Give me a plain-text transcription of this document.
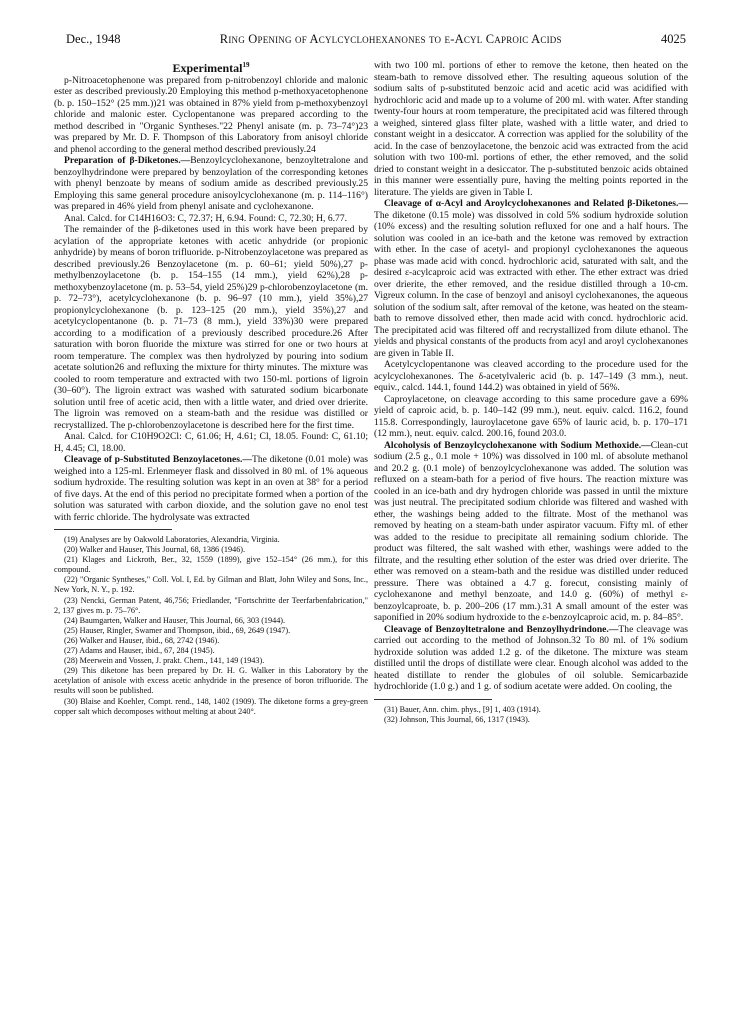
Dec., 1948	Ring Opening of Acylcyclohexanones to ε-Acyl Caproic Acids	4025

Experimental$^{19}$

p-Nitroacetophenone was prepared from p-nitrobenzoyl chloride and malonic ester as described previously.20 Employing this method p-methoxyacetophenone (b. p. 150–152° (25 mm.))21 was obtained in 87% yield from p-methoxybenzoyl chloride and malonic ester. Cyclopentanone was prepared according to the method described in "Organic Syntheses."22 Phenyl anisate (m. p. 73–74°)23 was prepared by Mr. D. F. Thompson of this Laboratory from anisoyl chloride and phenol according to the general method described previously.24

Preparation of β-Diketones.—Benzoylcyclohexanone, benzoyltetralone and benzoylhydrindone were prepared by benzoylation of the corresponding ketones with phenyl benzoate by means of sodium amide as described previously.25 Employing this same general procedure anisoylcyclohexanone (m. p. 114–116°) was prepared in 46% yield from phenyl anisate and cyclohexanone.

Anal. Calcd. for C14H16O3: C, 72.37; H, 6.94. Found: C, 72.30; H, 6.77.

The remainder of the β-diketones used in this work have been prepared by acylation of the appropriate ketones with acetic anhydride (or propionic anhydride) by means of boron trifluoride. p-Nitrobenzoylacetone was prepared as described previously.26 Benzoylacetone (m. p. 60–61; yield 50%),27 p-methylbenzoylacetone (b. p. 154–155 (14 mm.), yield 62%),28 p-methoxybenzoylacetone (m. p. 53–54, yield 25%)29 p-chlorobenzoylacetone (m. p. 72–73°), acetylcyclohexanone (b. p. 96–97 (10 mm.), yield 35%),27 propionylcyclohexanone (b. p. 123–125 (20 mm.), yield 35%),27 and acetylcyclopentanone (b. p. 71–73 (8 mm.), yield 33%)30 were prepared according to a modification of a previously described procedure.26 After saturation with boron fluoride the mixture was stirred for one or two hours at room temperature. The complex was then hydrolyzed by pouring into sodium acetate solution26 and refluxing the mixture for thirty minutes. The mixture was cooled to room temperature and extracted with two 150-ml. portions of ligroin (30–60°). The ligroin extract was washed with saturated sodium bicarbonate solution until free of acetic acid, then with a little water, and dried over drierite. The ligroin was removed on a steam-bath and the residue was distilled or recrystallized. The p-chlorobenzoylacetone is described here for the first time.

Anal. Calcd. for C10H9O2Cl: C, 61.06; H, 4.61; Cl, 18.05. Found: C, 61.10; H, 4.45; Cl, 18.00.

Cleavage of p-Substituted Benzoylacetones.—The diketone (0.01 mole) was weighed into a 125-ml. Erlenmeyer flask and dissolved in 80 ml. of 1% aqueous sodium hydroxide. The resulting solution was kept in an oven at 38° for a period of five days. At the end of this period no precipitate formed when a portion of the solution was saturated with carbon dioxide, and the solution gave no enol test with ferric chloride. The hydrolysate was extracted

(19) Analyses are by Oakwold Laboratories, Alexandria, Virginia.

(20) Walker and Hauser, This Journal, 68, 1386 (1946).

(21) Klages and Lickroth, Ber., 32, 1559 (1899), give 152–154° (26 mm.), for this compound.

(22) "Organic Syntheses," Coll. Vol. I, Ed. by Gilman and Blatt, John Wiley and Sons, Inc., New York, N. Y., p. 192.

(23) Nencki, German Patent, 46,756; Friedlander, "Fortschritte der Teerfarbenfabrication," 2, 137 gives m. p. 75–76°.

(24) Baumgarten, Walker and Hauser, This Journal, 66, 303 (1944).

(25) Hauser, Ringler, Swamer and Thompson, ibid., 69, 2649 (1947).

(26) Walker and Hauser, ibid., 68, 2742 (1946).

(27) Adams and Hauser, ibid., 67, 284 (1945).

(28) Meerwein and Vossen, J. prakt. Chem., 141, 149 (1943).

(29) This diketone has been prepared by Dr. H. G. Walker in this Laboratory by the acetylation of anisole with excess acetic anhydride in the presence of boron trifluoride. The results will soon be published.

(30) Blaise and Koehler, Compt. rend., 148, 1402 (1909). The diketone forms a grey-green copper salt which decomposes without melting at about 240°.

with two 100 ml. portions of ether to remove the ketone, then heated on the steam-bath to remove dissolved ether. The resulting aqueous solution of the sodium salts of p-substituted benzoic acid and acetic acid was acidified with hydrochloric acid and made up to a volume of 200 ml. with water. After standing twenty-four hours at room temperature, the precipitated acid was filtered through a weighed, sintered glass filter plate, washed with a little water, and dried to constant weight in a desiccator. A correction was applied for the solubility of the acid. In the case of benzoylacetone, the benzoic acid was extracted from the acid solution with two 100-ml. portions of ether, the ether removed, and the solid dried to constant weight in a desiccator. The p-substituted benzoic acids obtained in this manner were essentially pure, having the melting points reported in the literature. The yields are given in Table I.

Cleavage of α-Acyl and Aroylcyclohexanones and Related β-Diketones.—The diketone (0.15 mole) was dissolved in cold 5% sodium hydroxide solution (10% excess) and the resulting solution refluxed for one and a half hours. The solution was cooled in an ice-bath and the ketone was removed by extraction with ether. In the case of acetyl- and propionyl cyclohexanones the aqueous phase was made acid with concd. hydrochloric acid, saturated with salt, and the desired ε-acylcaproic acid was extracted with ether. The ether extract was dried over drierite, the ether removed, and the residue distilled through a 10-cm. Vigreux column. In the case of benzoyl and anisoyl cyclohexanones, the aqueous solution of the sodium salt, after removal of the ketone, was heated on the steam-bath to remove dissolved ether, then made acid with concd. hydrochloric acid. The precipitated acid was filtered off and recrystallized from dilute ethanol. The yields and physical constants of the products from acyl and aroyl cyclohexanones are given in Table II.

Acetylcyclopentanone was cleaved according to the procedure used for the acylcyclohexanones. The δ-acetylvaleric acid (b. p. 147–149 (3 mm.), neut. equiv., calcd. 144.1, found 144.2) was obtained in yield of 56%.

Caproylacetone, on cleavage according to this same procedure gave a 69% yield of caproic acid, b. p. 140–142 (99 mm.), neut. equiv. calcd. 116.2, found 115.8. Correspondingly, lauroylacetone gave 65% of lauric acid, b. p. 170–171 (12 mm.), neut. equiv. calcd. 200.16, found 203.0.

Alcoholysis of Benzoylcyclohexanone with Sodium Methoxide.—Clean-cut sodium (2.5 g., 0.1 mole + 10%) was dissolved in 100 ml. of absolute methanol and 20.2 g. (0.1 mole) of benzoylcyclohexanone was added. The solution was refluxed on a steam-bath for a period of five hours. The reaction mixture was cooled in an ice-bath and dry hydrogen chloride was passed in until the mixture was just neutral. The precipitated sodium chloride was filtered and washed with ether, the washings being added to the filtrate. Most of the methanol was removed by heating on a steam-bath under aspirator vacuum. Fifty ml. of ether was added to the residue to precipitate all remaining sodium chloride. The product was filtered, the salt washed with ether, washings were added to the filtrate, and the resulting ether solution of the ester was dried over drierite. The ether was removed on a steam-bath and the residue was distilled under reduced pressure. There was obtained a 4.7 g. forecut, consisting mainly of cyclohexanone and methyl benzoate, and 14.0 g. (60%) of methyl ε-benzoylcaproate, b. p. 200–206 (17 mm.).31 A small amount of the ester was saponified in 20% sodium hydroxide to the ε-benzoylcaproic acid, m. p. 84–85°.

Cleavage of Benzoyltetralone and Benzoylhydrindone.—The cleavage was carried out according to the method of Johnson.32 To 80 ml. of 1% sodium hydroxide solution was added 1.2 g. of the diketone. The mixture was steam distilled until the drops of distillate were clear. Enough alcohol was added to the heated distillate to render the globules of oil soluble. Semicarbazide hydrochloride (1.0 g.) and 1 g. of sodium acetate were added. On cooling, the

(31) Bauer, Ann. chim. phys., [9] 1, 403 (1914).

(32) Johnson, This Journal, 66, 1317 (1943).
